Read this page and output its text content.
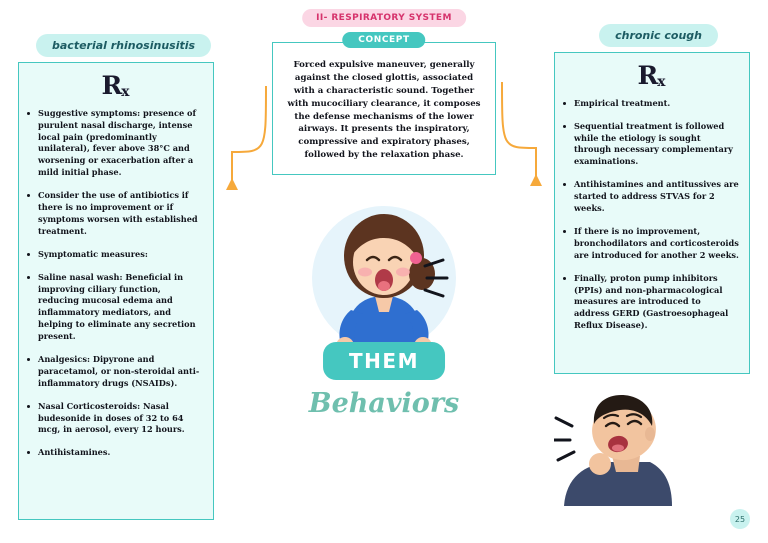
II- RESPIRATORY SYSTEM
bacterial rhinosinusitis
chronic cough
$R_x$
Suggestive symptoms: presence of purulent nasal discharge, intense local pain (predominantly unilateral), fever above 38°C and worsening or exacerbation after a mild initial phase.
Consider the use of antibiotics if there is no improvement or if symptoms worsen with established treatment.
Symptomatic measures:
Saline nasal wash: Beneficial in improving ciliary function, reducing mucosal edema and inflammatory mediators, and helping to eliminate any secretion present.
Analgesics: Dipyrone and paracetamol, or non-steroidal anti-inflammatory drugs (NSAIDs).
Nasal Corticosteroids: Nasal budesonide in doses of 32 to 64 mcg, in aerosol, every 12 hours.
Antihistamines.
$R_x$
Empirical treatment.
Sequential treatment is followed while the etiology is sought through necessary complementary examinations.
Antihistamines and antitussives are started to address STVAS for 2 weeks.
If there is no improvement, bronchodilators and corticosteroids are introduced for another 2 weeks.
Finally, proton pump inhibitors (PPIs) and non-pharmacological measures are introduced to address GERD (Gastroesophageal Reflux Disease).
CONCEPT
Forced expulsive maneuver, generally against the closed glottis, associated with a characteristic sound. Together with mucociliary clearance, it composes the defense mechanisms of the lower airways. It presents the inspiratory, compressive and expiratory phases, followed by the relaxation phase.
THEM
Behaviors
25
